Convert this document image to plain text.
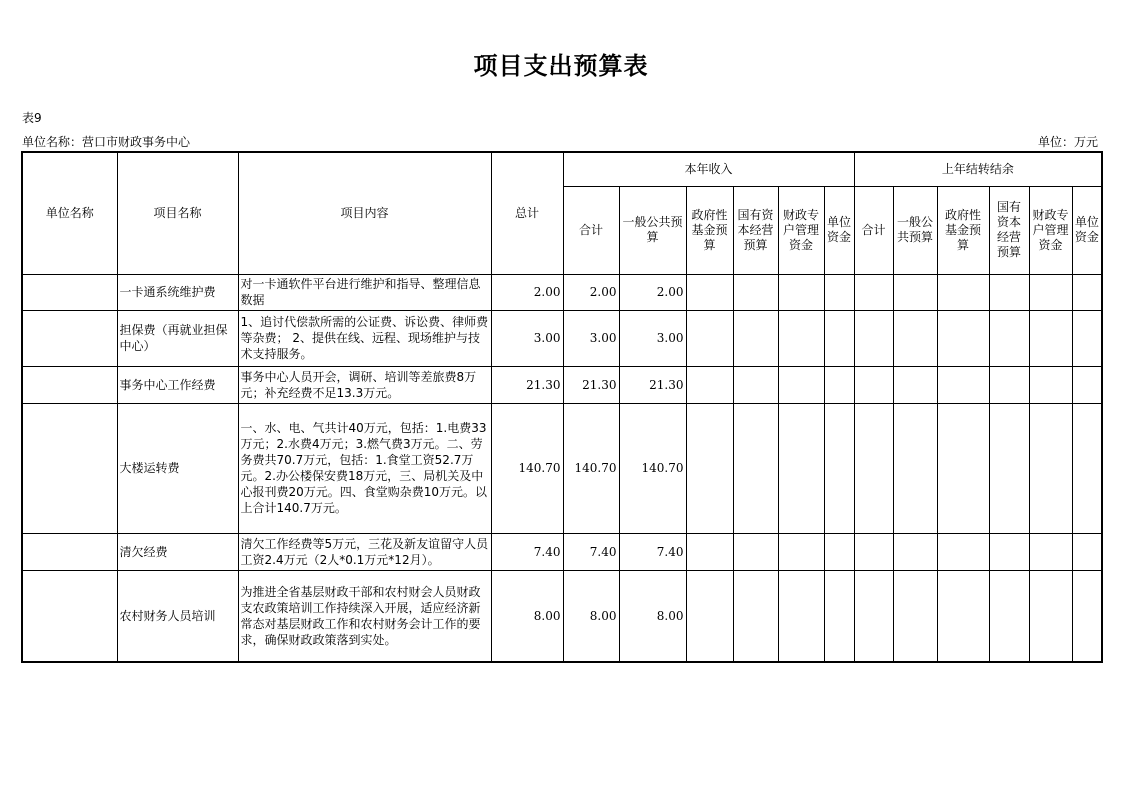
项目支出预算表
表9
单位名称：营口市财政事务中心	单位：万元
单位名称	项目名称	项目内容	总计	本年收入						上年结转结余					
				合计	一般公共预算	政府性基金预算	国有资本经营预算	财政专户管理资金	单位资金	合计	一般公共预算	政府性基金预算	国有资本经营预算	财政专户管理资金	单位资金
	一卡通系统维护费	对一卡通软件平台进行维护和指导、整理信息数据	2.00	2.00	2.00										
	担保费（再就业担保中心）	1、追讨代偿款所需的公证费、诉讼费、律师费等杂费； 2、提供在线、远程、现场维护与技术支持服务。	3.00	3.00	3.00										
	事务中心工作经费	事务中心人员开会，调研、培训等差旅费8万元；补充经费不足13.3万元。	21.30	21.30	21.30										
	大楼运转费	一、水、电、气共计40万元，包括：1.电费33万元；2.水费4万元；3.燃气费3万元。二、劳务费共70.7万元，包括：1.食堂工资52.7万元。2.办公楼保安费18万元，三、局机关及中心报刊费20万元。四、食堂购杂费10万元。以上合计140.7万元。	140.70	140.70	140.70										
	清欠经费	清欠工作经费等5万元，三花及新友谊留守人员工资2.4万元（2人*0.1万元*12月）。	7.40	7.40	7.40										
	农村财务人员培训	为推进全省基层财政干部和农村财会人员财政支农政策培训工作持续深入开展，适应经济新常态对基层财政工作和农村财务会计工作的要求，确保财政政策落到实处。	8.00	8.00	8.00										
